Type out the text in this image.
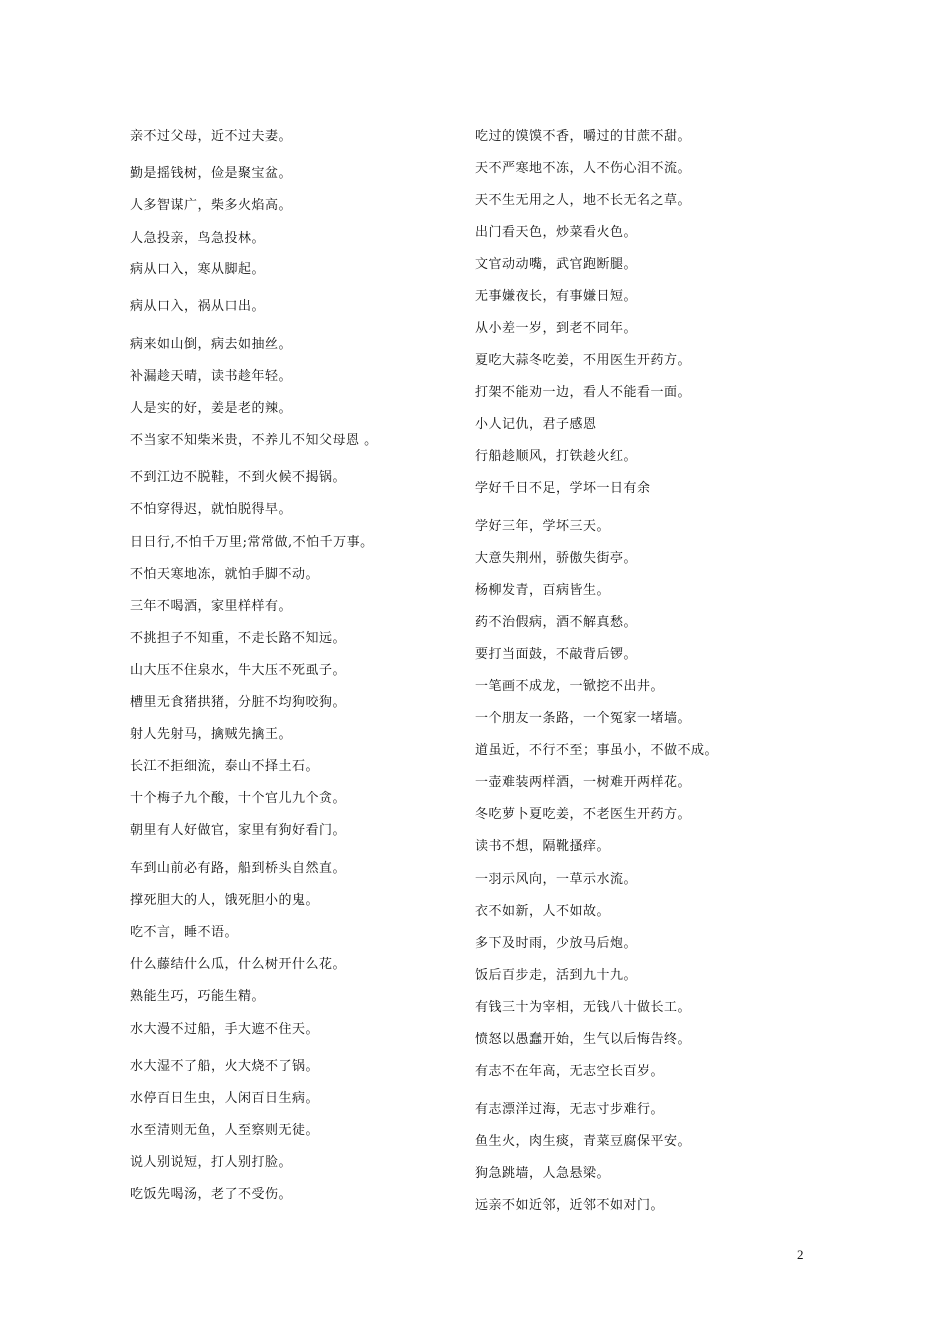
亲不过父母，近不过夫妻。
勤是摇钱树，俭是聚宝盆。
人多智谋广，柴多火焰高。
人急投亲，鸟急投林。
病从口入，寒从脚起。
病从口入，祸从口出。
病来如山倒，病去如抽丝。
补漏趁天晴，读书趁年轻。
人是实的好，姜是老的辣。
不当家不知柴米贵，不养儿不知父母恩 。
不到江边不脱鞋，不到火候不揭锅。
不怕穿得迟，就怕脱得早。
日日行,不怕千万里;常常做,不怕千万事。
不怕天寒地冻，就怕手脚不动。
三年不喝酒，家里样样有。
不挑担子不知重，不走长路不知远。
山大压不住泉水，牛大压不死虱子。
槽里无食猪拱猪，分脏不均狗咬狗。
射人先射马，擒贼先擒王。
长江不拒细流，泰山不择土石。
十个梅子九个酸，十个官儿九个贪。
朝里有人好做官，家里有狗好看门。
车到山前必有路，船到桥头自然直。
撑死胆大的人，饿死胆小的鬼。
吃不言，睡不语。
什么藤结什么瓜，什么树开什么花。
熟能生巧，巧能生精。
水大漫不过船，手大遮不住天。
水大湿不了船，火大烧不了锅。
水停百日生虫，人闲百日生病。
水至清则无鱼，人至察则无徒。
说人别说短，打人别打脸。
吃饭先喝汤，老了不受伤。
吃过的馍馍不香，嚼过的甘蔗不甜。
天不严寒地不冻，人不伤心泪不流。
天不生无用之人，地不长无名之草。
出门看天色，炒菜看火色。
文官动动嘴，武官跑断腿。
无事嫌夜长，有事嫌日短。
从小差一岁，到老不同年。
夏吃大蒜冬吃姜，不用医生开药方。
打架不能劝一边，看人不能看一面。
小人记仇，君子感恩
行船趁顺风，打铁趁火红。
学好千日不足，学坏一日有余
学好三年，学坏三天。
大意失荆州，骄傲失街亭。
杨柳发青，百病皆生。
药不治假病，酒不解真愁。
要打当面鼓，不敲背后锣。
一笔画不成龙，一锨挖不出井。
一个朋友一条路，一个冤家一堵墙。
道虽近，不行不至；事虽小，不做不成。
一壶难装两样酒，一树难开两样花。
冬吃萝卜夏吃姜，不老医生开药方。
读书不想，隔靴搔痒。
一羽示风向，一草示水流。
衣不如新，人不如故。
多下及时雨，少放马后炮。
饭后百步走，活到九十九。
有钱三十为宰相，无钱八十做长工。
愤怒以愚蠢开始，生气以后悔告终。
有志不在年高，无志空长百岁。
有志漂洋过海，无志寸步难行。
鱼生火，肉生痰，青菜豆腐保平安。
狗急跳墙，人急悬梁。
远亲不如近邻，近邻不如对门。
2
